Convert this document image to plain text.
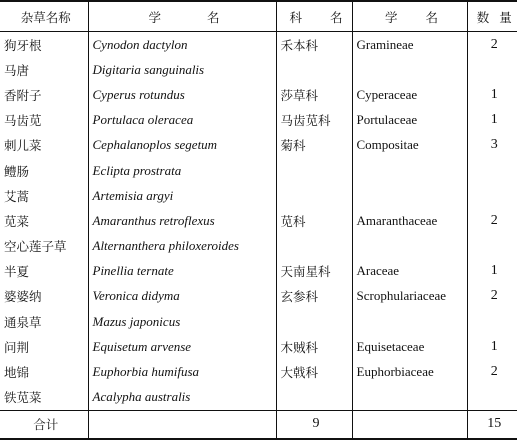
杂草名称	学 名	科 名	学 名	数 量
狗牙根	Cynodon dactylon	禾本科	Gramineae	2
马唐	Digitaria sanguinalis			
香附子	Cyperus rotundus	莎草科	Cyperaceae	1
马齿苋	Portulaca oleracea	马齿苋科	Portulaceae	1
刺儿菜	Cephalanoplos segetum	菊科	Compositae	3
鳢肠	Eclipta prostrata			
艾蒿	Artemisia argyi			
苋菜	Amaranthus retroflexus	苋科	Amaranthaceae	2
空心莲子草	Alternanthera philoxeroides			
半夏	Pinellia ternate	天南星科	Araceae	1
婆婆纳	Veronica didyma	玄参科	Scrophulariaceae	2
通泉草	Mazus japonicus			
问荆	Equisetum arvense	木贼科	Equisetaceae	1
地锦	Euphorbia humifusa	大戟科	Euphorbiaceae	2
铁苋菜	Acalypha australis			
合计		9		15
